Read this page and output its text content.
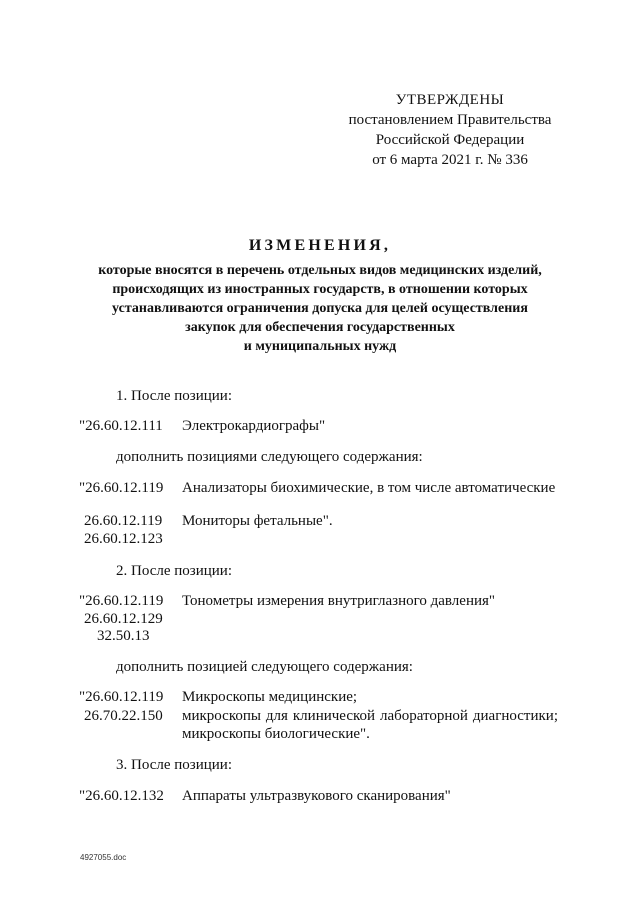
УТВЕРЖДЕНЫ
постановлением Правительства
Российской Федерации
от 6 марта 2021 г. № 336
ИЗМЕНЕНИЯ,
которые вносятся в перечень отдельных видов медицинских изделий,
происходящих из иностранных государств, в отношении которых
устанавливаются ограничения допуска для целей осуществления
закупок для обеспечения государственных
и муниципальных нужд
1. После позиции:
"26.60.12.111 Электрокардиографы"
дополнить позициями следующего содержания:
"26.60.12.119 Анализаторы биохимические, в том числе автоматические
26.60.12.119
26.60.12.123
Мониторы фетальные".
2. После позиции:
"26.60.12.119
26.60.12.129
32.50.13
Тонометры измерения внутриглазного давления"
дополнить позицией следующего содержания:
"26.60.12.119
26.70.22.150
Микроскопы медицинские;
микроскопы для клинической лабораторной диагностики;
микроскопы биологические".
3. После позиции:
"26.60.12.132 Аппараты ультразвукового сканирования"
4927055.doc
